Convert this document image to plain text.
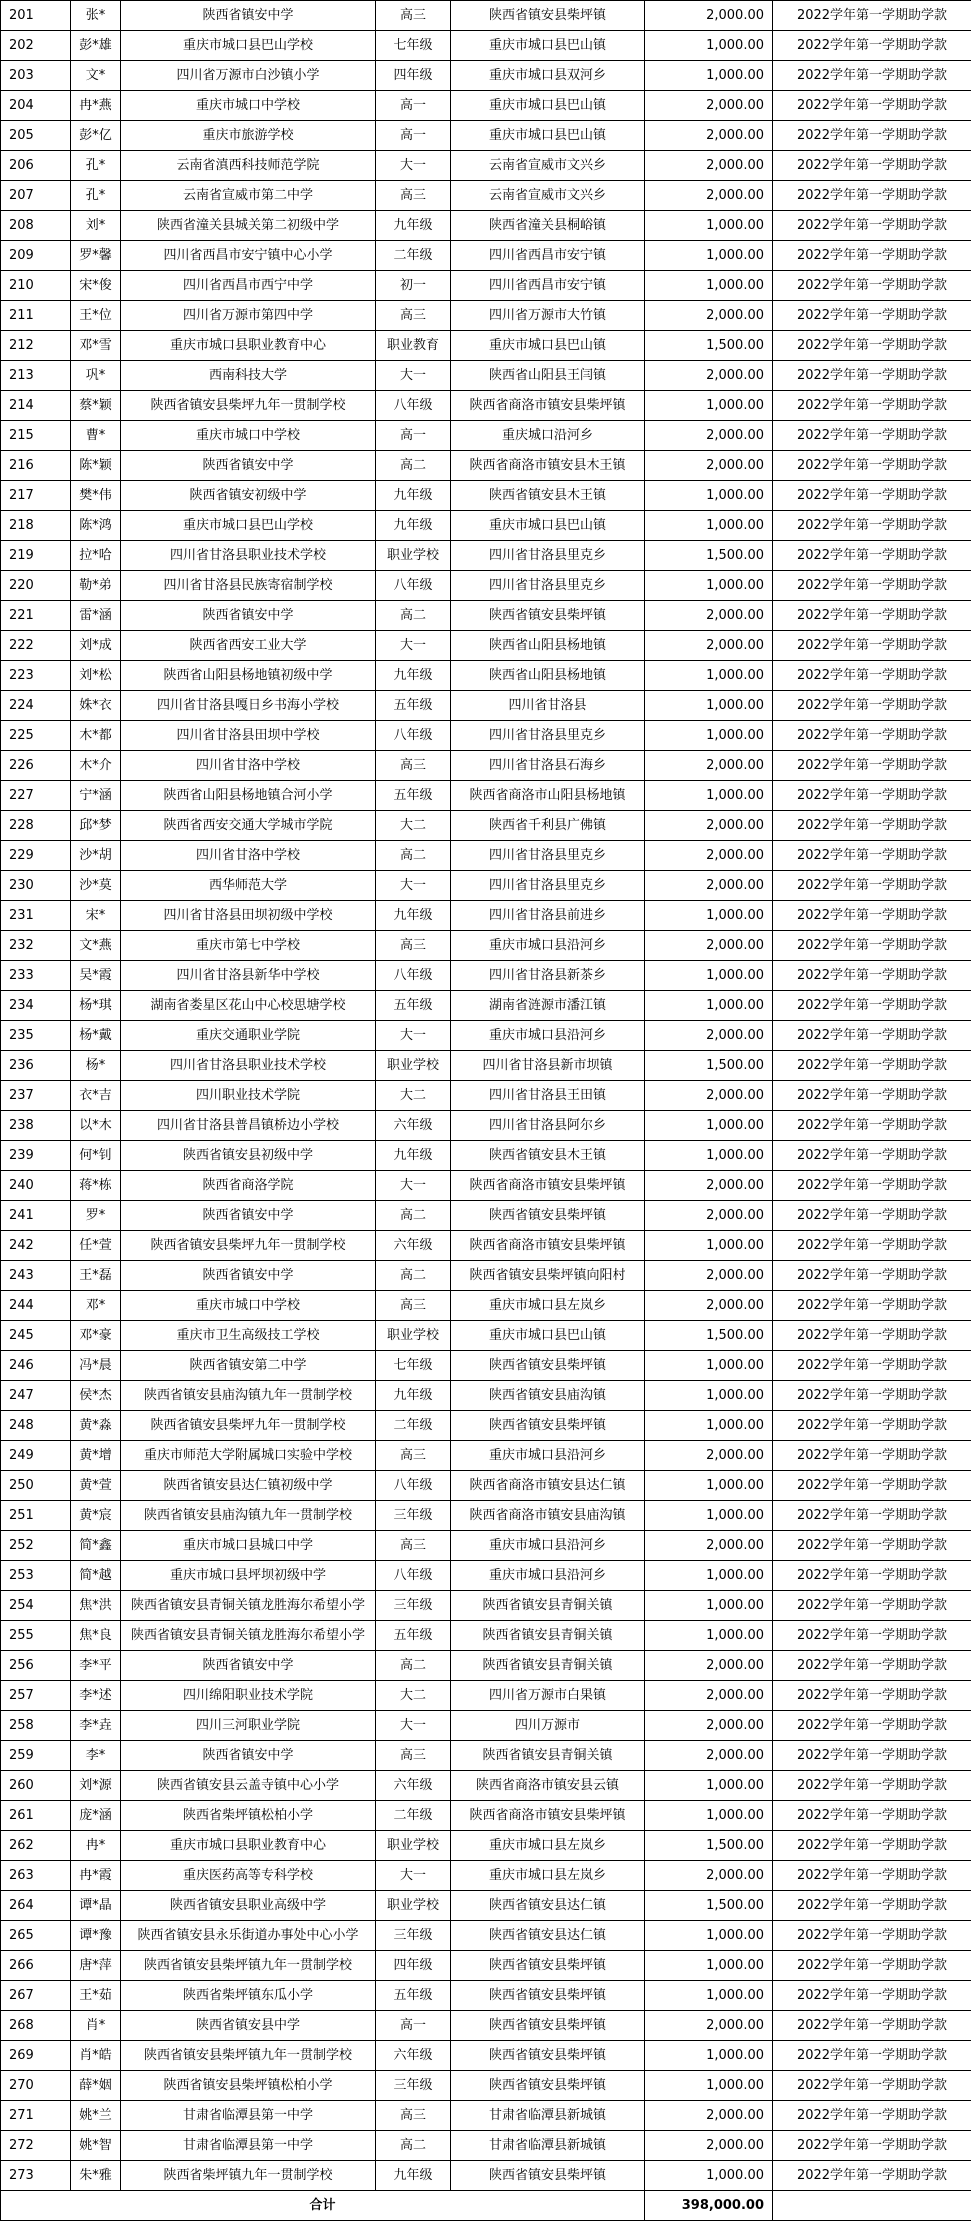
201	张*	陕西省镇安中学	高三	陕西省镇安县柴坪镇	2,000.00	2022学年第一学期助学款
202	彭*雄	重庆市城口县巴山学校	七年级	重庆市城口县巴山镇	1,000.00	2022学年第一学期助学款
203	文*	四川省万源市白沙镇小学	四年级	重庆市城口县双河乡	1,000.00	2022学年第一学期助学款
204	冉*燕	重庆市城口中学校	高一	重庆市城口县巴山镇	2,000.00	2022学年第一学期助学款
205	彭*亿	重庆市旅游学校	高一	重庆市城口县巴山镇	2,000.00	2022学年第一学期助学款
206	孔*	云南省滇西科技师范学院	大一	云南省宣威市文兴乡	2,000.00	2022学年第一学期助学款
207	孔*	云南省宣威市第二中学	高三	云南省宣威市文兴乡	2,000.00	2022学年第一学期助学款
208	刘*	陕西省潼关县城关第二初级中学	九年级	陕西省潼关县桐峪镇	1,000.00	2022学年第一学期助学款
209	罗*馨	四川省西昌市安宁镇中心小学	二年级	四川省西昌市安宁镇	1,000.00	2022学年第一学期助学款
210	宋*俊	四川省西昌市西宁中学	初一	四川省西昌市安宁镇	1,000.00	2022学年第一学期助学款
211	王*位	四川省万源市第四中学	高三	四川省万源市大竹镇	2,000.00	2022学年第一学期助学款
212	邓*雪	重庆市城口县职业教育中心	职业教育	重庆市城口县巴山镇	1,500.00	2022学年第一学期助学款
213	巩*	西南科技大学	大一	陕西省山阳县王闫镇	2,000.00	2022学年第一学期助学款
214	蔡*颖	陕西省镇安县柴坪九年一贯制学校	八年级	陕西省商洛市镇安县柴坪镇	1,000.00	2022学年第一学期助学款
215	曹*	重庆市城口中学校	高一	重庆城口沿河乡	2,000.00	2022学年第一学期助学款
216	陈*颖	陕西省镇安中学	高二	陕西省商洛市镇安县木王镇	2,000.00	2022学年第一学期助学款
217	樊*伟	陕西省镇安初级中学	九年级	陕西省镇安县木王镇	1,000.00	2022学年第一学期助学款
218	陈*鸿	重庆市城口县巴山学校	九年级	重庆市城口县巴山镇	1,000.00	2022学年第一学期助学款
219	拉*哈	四川省甘洛县职业技术学校	职业学校	四川省甘洛县里克乡	1,500.00	2022学年第一学期助学款
220	勒*弟	四川省甘洛县民族寄宿制学校	八年级	四川省甘洛县里克乡	1,000.00	2022学年第一学期助学款
221	雷*涵	陕西省镇安中学	高二	陕西省镇安县柴坪镇	2,000.00	2022学年第一学期助学款
222	刘*成	陕西省西安工业大学	大一	陕西省山阳县杨地镇	2,000.00	2022学年第一学期助学款
223	刘*松	陕西省山阳县杨地镇初级中学	九年级	陕西省山阳县杨地镇	1,000.00	2022学年第一学期助学款
224	姝*衣	四川省甘洛县嘎日乡书海小学校	五年级	四川省甘洛县	1,000.00	2022学年第一学期助学款
225	木*都	四川省甘洛县田坝中学校	八年级	四川省甘洛县里克乡	1,000.00	2022学年第一学期助学款
226	木*介	四川省甘洛中学校	高三	四川省甘洛县石海乡	2,000.00	2022学年第一学期助学款
227	宁*涵	陕西省山阳县杨地镇合河小学	五年级	陕西省商洛市山阳县杨地镇	1,000.00	2022学年第一学期助学款
228	邱*梦	陕西省西安交通大学城市学院	大二	陕西省千利县广佛镇	2,000.00	2022学年第一学期助学款
229	沙*胡	四川省甘洛中学校	高二	四川省甘洛县里克乡	2,000.00	2022学年第一学期助学款
230	沙*莫	西华师范大学	大一	四川省甘洛县里克乡	2,000.00	2022学年第一学期助学款
231	宋*	四川省甘洛县田坝初级中学校	九年级	四川省甘洛县前进乡	1,000.00	2022学年第一学期助学款
232	文*燕	重庆市第七中学校	高三	重庆市城口县沿河乡	2,000.00	2022学年第一学期助学款
233	吴*霞	四川省甘洛县新华中学校	八年级	四川省甘洛县新茶乡	1,000.00	2022学年第一学期助学款
234	杨*琪	湖南省娄星区花山中心校思塘学校	五年级	湖南省涟源市潘江镇	1,000.00	2022学年第一学期助学款
235	杨*戴	重庆交通职业学院	大一	重庆市城口县沿河乡	2,000.00	2022学年第一学期助学款
236	杨*	四川省甘洛县职业技术学校	职业学校	四川省甘洛县新市坝镇	1,500.00	2022学年第一学期助学款
237	衣*吉	四川职业技术学院	大二	四川省甘洛县王田镇	2,000.00	2022学年第一学期助学款
238	以*木	四川省甘洛县普昌镇桥边小学校	六年级	四川省甘洛县阿尔乡	1,000.00	2022学年第一学期助学款
239	何*钊	陕西省镇安县初级中学	九年级	陕西省镇安县木王镇	1,000.00	2022学年第一学期助学款
240	蒋*栋	陕西省商洛学院	大一	陕西省商洛市镇安县柴坪镇	2,000.00	2022学年第一学期助学款
241	罗*	陕西省镇安中学	高二	陕西省镇安县柴坪镇	2,000.00	2022学年第一学期助学款
242	任*萱	陕西省镇安县柴坪九年一贯制学校	六年级	陕西省商洛市镇安县柴坪镇	1,000.00	2022学年第一学期助学款
243	王*磊	陕西省镇安中学	高二	陕西省镇安县柴坪镇向阳村	2,000.00	2022学年第一学期助学款
244	邓*	重庆市城口中学校	高三	重庆市城口县左岚乡	2,000.00	2022学年第一学期助学款
245	邓*豪	重庆市卫生高级技工学校	职业学校	重庆市城口县巴山镇	1,500.00	2022学年第一学期助学款
246	冯*晨	陕西省镇安第二中学	七年级	陕西省镇安县柴坪镇	1,000.00	2022学年第一学期助学款
247	侯*杰	陕西省镇安县庙沟镇九年一贯制学校	九年级	陕西省镇安县庙沟镇	1,000.00	2022学年第一学期助学款
248	黄*淼	陕西省镇安县柴坪九年一贯制学校	二年级	陕西省镇安县柴坪镇	1,000.00	2022学年第一学期助学款
249	黄*增	重庆市师范大学附属城口实验中学校	高三	重庆市城口县沿河乡	2,000.00	2022学年第一学期助学款
250	黄*萱	陕西省镇安县达仁镇初级中学	八年级	陕西省商洛市镇安县达仁镇	1,000.00	2022学年第一学期助学款
251	黄*宸	陕西省镇安县庙沟镇九年一贯制学校	三年级	陕西省商洛市镇安县庙沟镇	1,000.00	2022学年第一学期助学款
252	简*鑫	重庆市城口县城口中学	高三	重庆市城口县沿河乡	2,000.00	2022学年第一学期助学款
253	简*越	重庆市城口县坪坝初级中学	八年级	重庆市城口县沿河乡	1,000.00	2022学年第一学期助学款
254	焦*洪	陕西省镇安县青铜关镇龙胜海尔希望小学	三年级	陕西省镇安县青铜关镇	1,000.00	2022学年第一学期助学款
255	焦*良	陕西省镇安县青铜关镇龙胜海尔希望小学	五年级	陕西省镇安县青铜关镇	1,000.00	2022学年第一学期助学款
256	李*平	陕西省镇安中学	高二	陕西省镇安县青铜关镇	2,000.00	2022学年第一学期助学款
257	李*述	四川绵阳职业技术学院	大二	四川省万源市白果镇	2,000.00	2022学年第一学期助学款
258	李*垚	四川三河职业学院	大一	四川万源市	2,000.00	2022学年第一学期助学款
259	李*	陕西省镇安中学	高三	陕西省镇安县青铜关镇	2,000.00	2022学年第一学期助学款
260	刘*源	陕西省镇安县云盖寺镇中心小学	六年级	陕西省商洛市镇安县云镇	1,000.00	2022学年第一学期助学款
261	庞*涵	陕西省柴坪镇松柏小学	二年级	陕西省商洛市镇安县柴坪镇	1,000.00	2022学年第一学期助学款
262	冉*	重庆市城口县职业教育中心	职业学校	重庆市城口县左岚乡	1,500.00	2022学年第一学期助学款
263	冉*霞	重庆医药高等专科学校	大一	重庆市城口县左岚乡	2,000.00	2022学年第一学期助学款
264	谭*晶	陕西省镇安县职业高级中学	职业学校	陕西省镇安县达仁镇	1,500.00	2022学年第一学期助学款
265	谭*豫	陕西省镇安县永乐街道办事处中心小学	三年级	陕西省镇安县达仁镇	1,000.00	2022学年第一学期助学款
266	唐*萍	陕西省镇安县柴坪镇九年一贯制学校	四年级	陕西省镇安县柴坪镇	1,000.00	2022学年第一学期助学款
267	王*茹	陕西省柴坪镇东瓜小学	五年级	陕西省镇安县柴坪镇	1,000.00	2022学年第一学期助学款
268	肖*	陕西省镇安县中学	高一	陕西省镇安县柴坪镇	2,000.00	2022学年第一学期助学款
269	肖*皓	陕西省镇安县柴坪镇九年一贯制学校	六年级	陕西省镇安县柴坪镇	1,000.00	2022学年第一学期助学款
270	薛*姻	陕西省镇安县柴坪镇松柏小学	三年级	陕西省镇安县柴坪镇	1,000.00	2022学年第一学期助学款
271	姚*兰	甘肃省临潭县第一中学	高三	甘肃省临潭县新城镇	2,000.00	2022学年第一学期助学款
272	姚*智	甘肃省临潭县第一中学	高二	甘肃省临潭县新城镇	2,000.00	2022学年第一学期助学款
273	朱*雅	陕西省柴坪镇九年一贯制学校	九年级	陕西省镇安县柴坪镇	1,000.00	2022学年第一学期助学款
合计					398,000.00	
